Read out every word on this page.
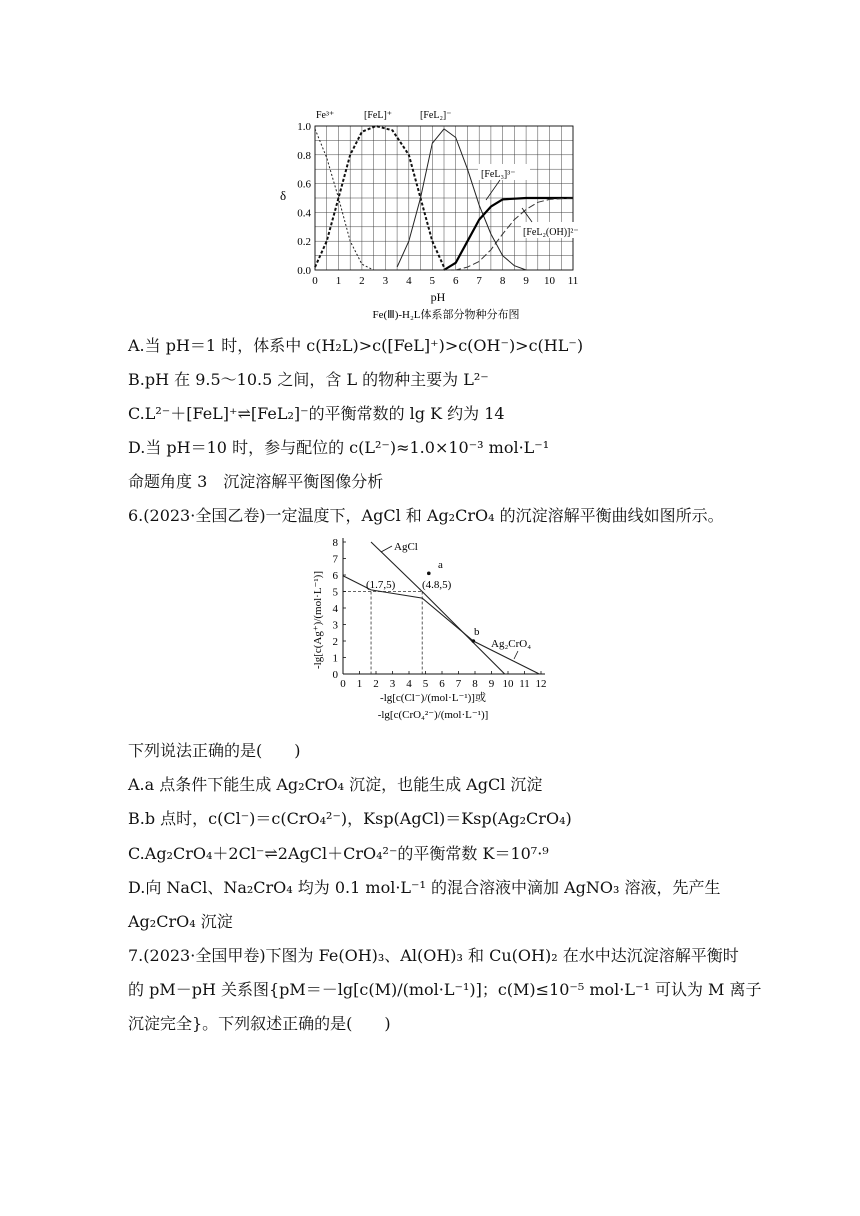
0 1 2 3 4 5 6 7 8 9 10 11
0.0
0.2
0.4
0.6
0.8
1.0
δ
pH
Fe(Ⅲ)-H₂L体系部分物种分布图
Fe³⁺	[FeL]⁺	[FeL₂]⁻
[FeL₃]³⁻
[FeL₂(OH)]²⁻
A.当 pH＝1 时，体系中 c(H₂L)>c([FeL]⁺)>c(OH⁻)>c(HL⁻)
B.pH 在 9.5～10.5 之间，含 L 的物种主要为 L²⁻
C.L²⁻＋[FeL]⁺⇌[FeL₂]⁻的平衡常数的 lg K 约为 14
D.当 pH＝10 时，参与配位的 c(L²⁻)≈1.0×10⁻³ mol·L⁻¹
命题角度 3　沉淀溶解平衡图像分析
6.(2023·全国乙卷)一定温度下，AgCl 和 Ag₂CrO₄ 的沉淀溶解平衡曲线如图所示。
0 1 2 3 4 5 6 7 8 9 10 11 12
0
1
2
3
4
5
6
7
8
-lg[c(Ag⁺)/(mol·L⁻¹)]
-lg[c(Cl⁻)/(mol·L⁻¹)]或
-lg[c(CrO₄²⁻)/(mol·L⁻¹)]
AgCl
Ag₂CrO₄
(1.7,5) (4.8,5)
a
b
下列说法正确的是(　　)
A.a 点条件下能生成 Ag₂CrO₄ 沉淀，也能生成 AgCl 沉淀
B.b 点时，c(Cl⁻)＝c(CrO₄²⁻)，Ksp(AgCl)＝Ksp(Ag₂CrO₄)
C.Ag₂CrO₄＋2Cl⁻⇌2AgCl＋CrO₄²⁻的平衡常数 K＝10⁷·⁹
D.向 NaCl、Na₂CrO₄ 均为 0.1 mol·L⁻¹ 的混合溶液中滴加 AgNO₃ 溶液，先产生
Ag₂CrO₄ 沉淀
7.(2023·全国甲卷)下图为 Fe(OH)₃、Al(OH)₃ 和 Cu(OH)₂ 在水中达沉淀溶解平衡时
的 pM－pH 关系图{pM＝－lg[c(M)/(mol·L⁻¹)]；c(M)≤10⁻⁵ mol·L⁻¹ 可认为 M 离子
沉淀完全}。下列叙述正确的是(　　)
